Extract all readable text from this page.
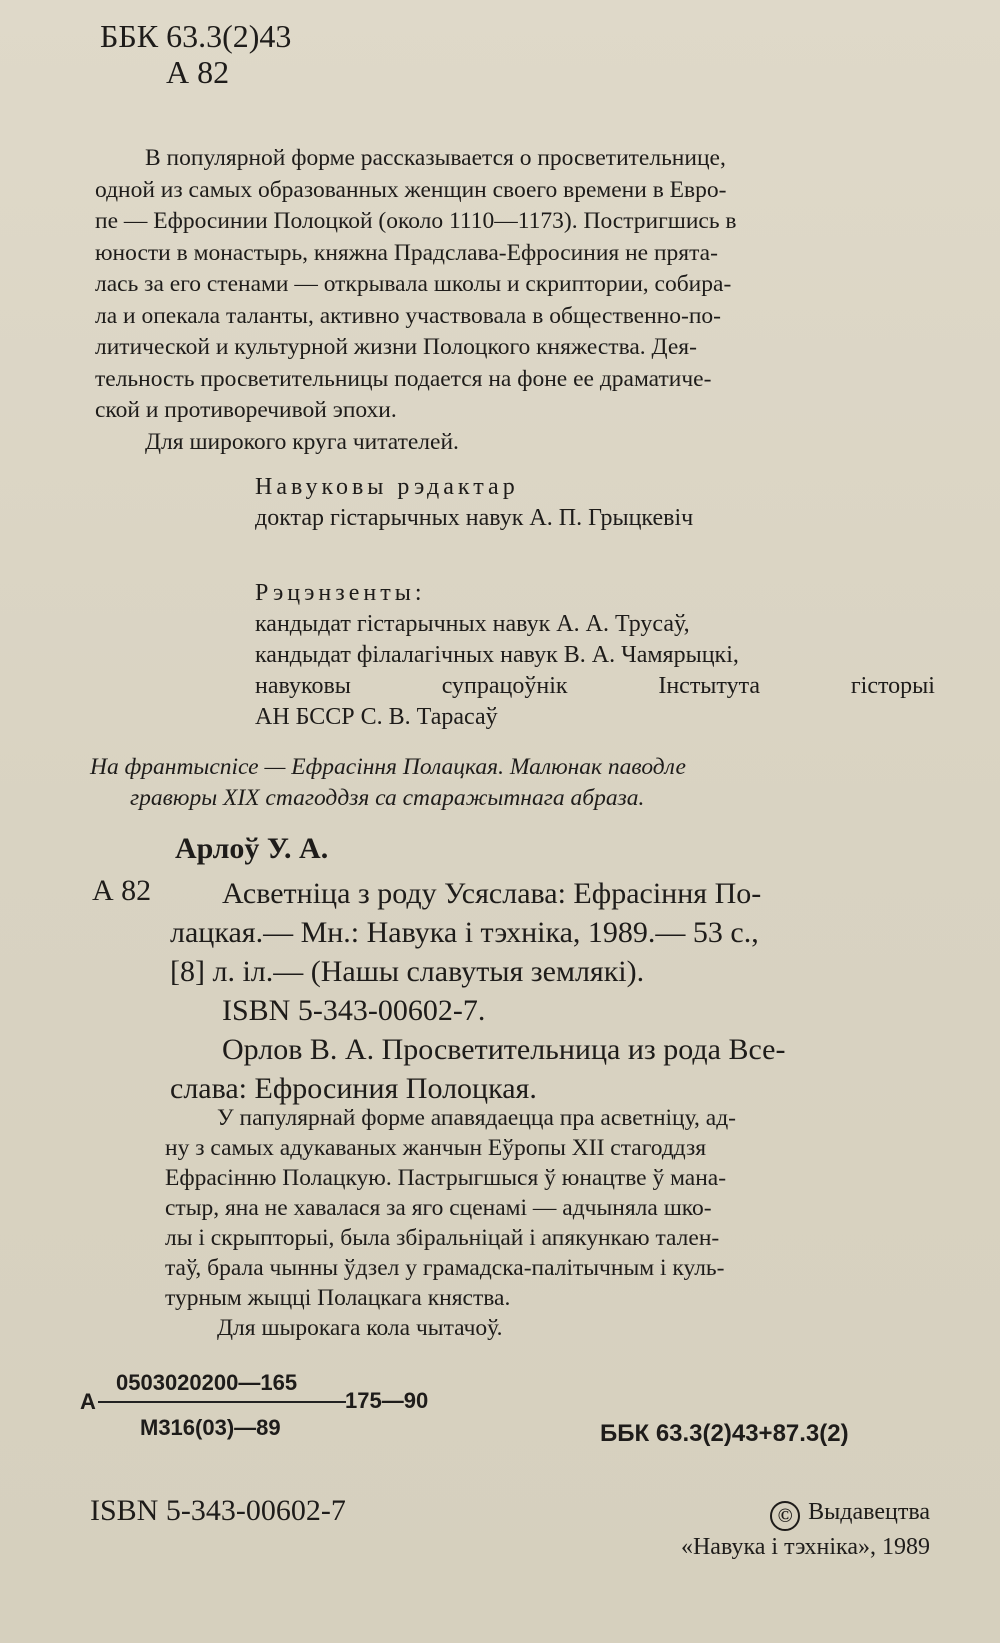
ББК 63.3(2)43
А 82

В популярной форме рассказывается о просветительнице,

одной из самых образованных женщин своего времени в Евро-

пе — Ефросинии Полоцкой (около 1110—1173). Постригшись в

юности в монастырь, княжна Прадслава-Ефросиния не прята-

лась за его стенами — открывала школы и скриптории, собира-

ла и опекала таланты, активно участвовала в общественно-по-

литической и культурной жизни Полоцкого княжества. Дея-

тельность просветительницы подается на фоне ее драматиче-

ской и противоречивой эпохи.

Для широкого круга читателей.

Навуковы рэдактар

доктар гістарычных навук А. П. Грыцкевіч

Рэцэнзенты:

кандыдат гістарычных навук А. А. Трусаў,

кандыдат філалагічных навук В. А. Чамярыцкі,

навуковы	супрацоўнік	Інстытута	гісторыі

АН БССР С. В. Тарасаў

На франтыспісе — Ефрасіння Полацкая. Малюнак паводле

гравюры XIX стагоддзя са старажытнага абраза.

Арлоў У. А.
А 82	Асветніца з роду Усяслава: Ефрасіння По-

лацкая.— Мн.: Навука і тэхніка, 1989.— 53 с.,

[8] л. іл.— (Нашы славутыя землякі).

ISBN 5-343-00602-7.

Орлов В. А. Просветительница из рода Все-

слава: Ефросиния Полоцкая.

У папулярнай форме апавядаецца пра асветніцу, ад-

ну з самых адукаваных жанчын Еўропы XII стагоддзя

Ефрасінню Полацкую. Пастрыгшыся ў юнацтве ў мана-

стыр, яна не хавалася за яго сценамі — адчыняла шко-

лы і скрыпторыі, была збіральніцай і апякункаю тален-

таў, брала чынны ўдзел у грамадска-палітычным і куль-

турным жыцці Полацкага княства.

Для шырокага кола чытачоў.

А
0503020200—165
М316(03)—89
175—90
ББК 63.3(2)43+87.3(2)
ISBN 5-343-00602-7	© Выдавецтва

«Навука і тэхніка», 1989
